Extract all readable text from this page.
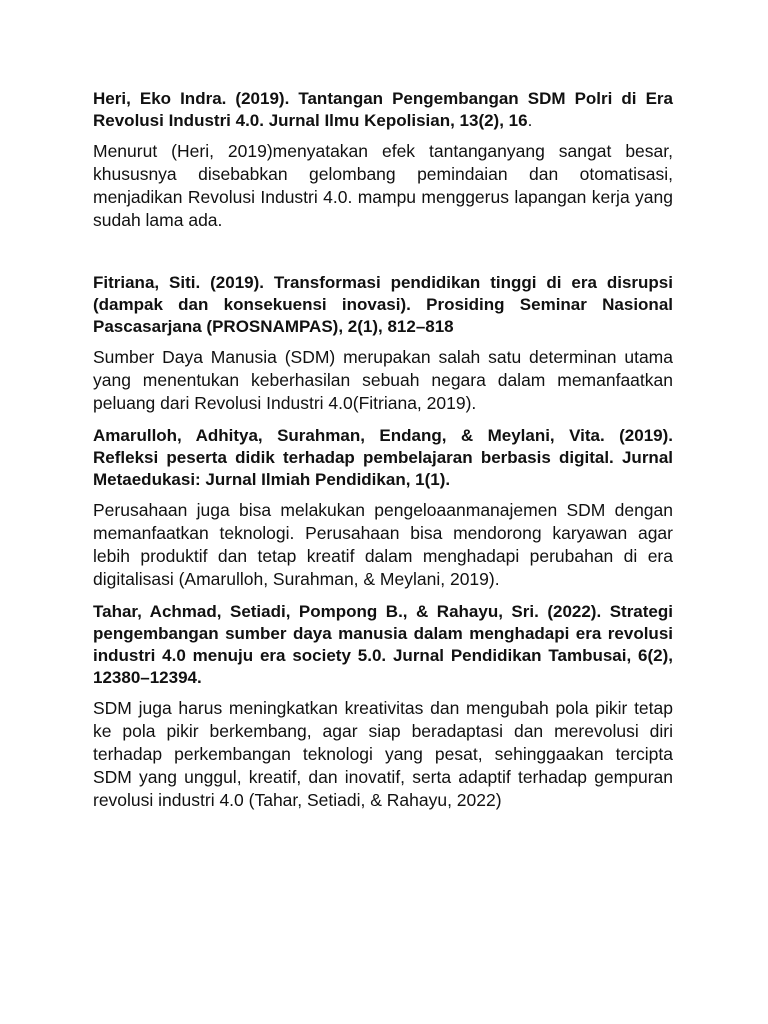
Heri, Eko Indra. (2019). Tantangan Pengembangan SDM Polri di Era Revolusi Industri 4.0. Jurnal Ilmu Kepolisian, 13(2), 16.

Menurut (Heri, 2019)menyatakan efek tantanganyang sangat besar, khususnya disebabkan gelombang pemindaian dan otomatisasi, menjadikan Revolusi Industri 4.0. mampu menggerus lapangan kerja yang sudah lama ada.

Fitriana, Siti. (2019). Transformasi pendidikan tinggi di era disrupsi (dampak dan konsekuensi inovasi). Prosiding Seminar Nasional Pascasarjana (PROSNAMPAS), 2(1), 812–818

Sumber Daya Manusia (SDM) merupakan salah satu determinan utama yang menentukan keberhasilan sebuah negara dalam memanfaatkan peluang dari Revolusi Industri 4.0(Fitriana, 2019).

Amarulloh, Adhitya, Surahman, Endang, & Meylani, Vita. (2019). Refleksi peserta didik terhadap pembelajaran berbasis digital. Jurnal Metaedukasi: Jurnal Ilmiah Pendidikan, 1(1).

Perusahaan juga bisa melakukan pengeloaanmanajemen SDM dengan memanfaatkan teknologi. Perusahaan bisa mendorong karyawan agar lebih produktif dan tetap kreatif dalam menghadapi perubahan di era digitalisasi (Amarulloh, Surahman, & Meylani, 2019).

Tahar, Achmad, Setiadi, Pompong B., & Rahayu, Sri. (2022). Strategi pengembangan sumber daya manusia dalam menghadapi era revolusi industri 4.0 menuju era society 5.0. Jurnal Pendidikan Tambusai, 6(2), 12380–12394.

SDM juga harus meningkatkan kreativitas dan mengubah pola pikir tetap ke pola pikir berkembang, agar siap beradaptasi dan merevolusi diri terhadap perkembangan teknologi yang pesat, sehinggaakan tercipta SDM yang unggul, kreatif, dan inovatif, serta adaptif terhadap gempuran revolusi industri 4.0 (Tahar, Setiadi, & Rahayu, 2022)
